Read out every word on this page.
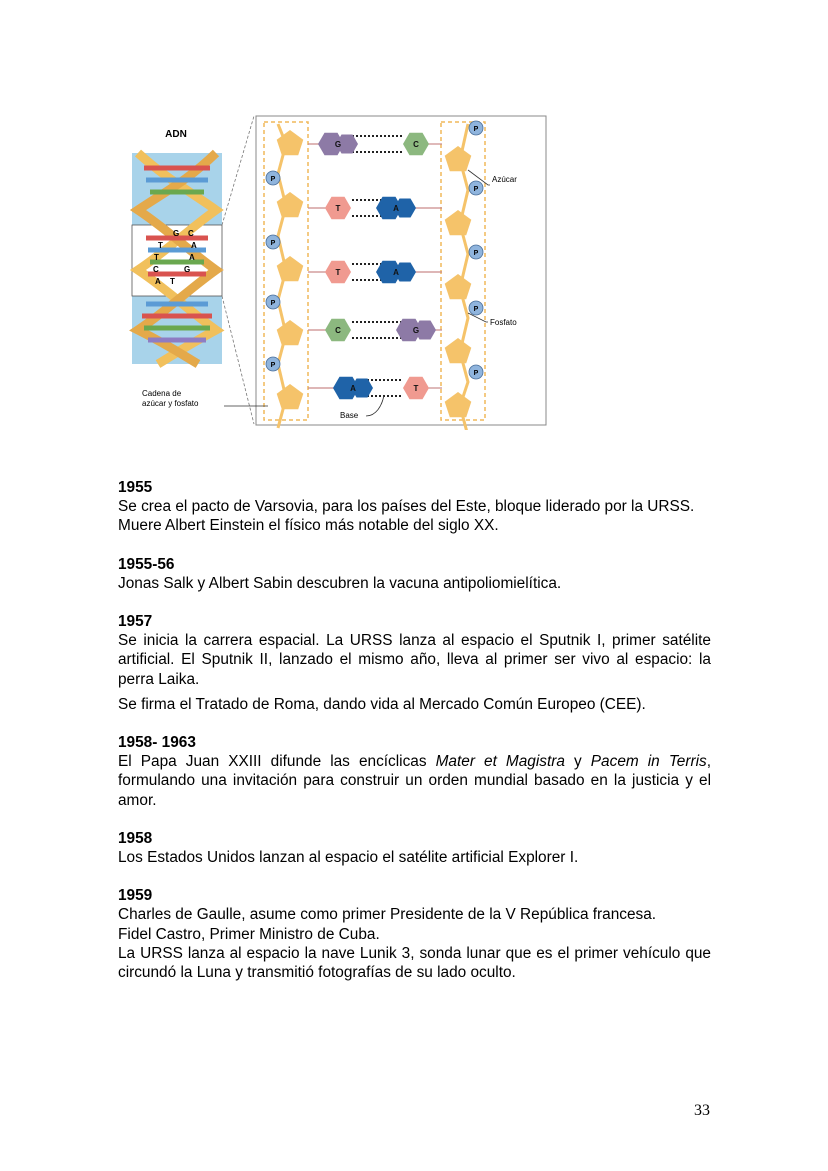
ADN
G C
T	A
T	A
C	G
A T
P
P
P
P
P
P
P
P
P
G	C
T	A
T	A
C	G
A	T
Azúcar
Fosfato
Cadena de
azúcar y fosfato
Base

1955

Se crea el pacto de Varsovia, para los países del Este, bloque liderado por la URSS.

Muere Albert Einstein el físico más notable del siglo XX.

1955-56

Jonas Salk y Albert Sabin descubren la vacuna antipoliomielítica.

1957

Se inicia la carrera espacial. La URSS lanza al espacio el Sputnik I, primer satélite artificial. El Sputnik II, lanzado el mismo año, lleva al primer ser vivo al espacio: la perra Laika.

Se firma el Tratado de Roma, dando vida al Mercado Común Europeo (CEE).

1958- 1963

El Papa Juan XXIII difunde las encíclicas Mater et Magistra y Pacem in Terris, formulando una invitación para construir un orden mundial basado en la justicia y el amor.

1958

Los Estados Unidos lanzan al espacio el satélite artificial Explorer I.

1959

Charles de Gaulle, asume como primer Presidente de la V República francesa.

Fidel Castro, Primer Ministro de Cuba.

La URSS lanza al espacio la nave Lunik 3, sonda lunar que es el primer vehículo que circundó la Luna y transmitió fotografías de su lado oculto.

33
